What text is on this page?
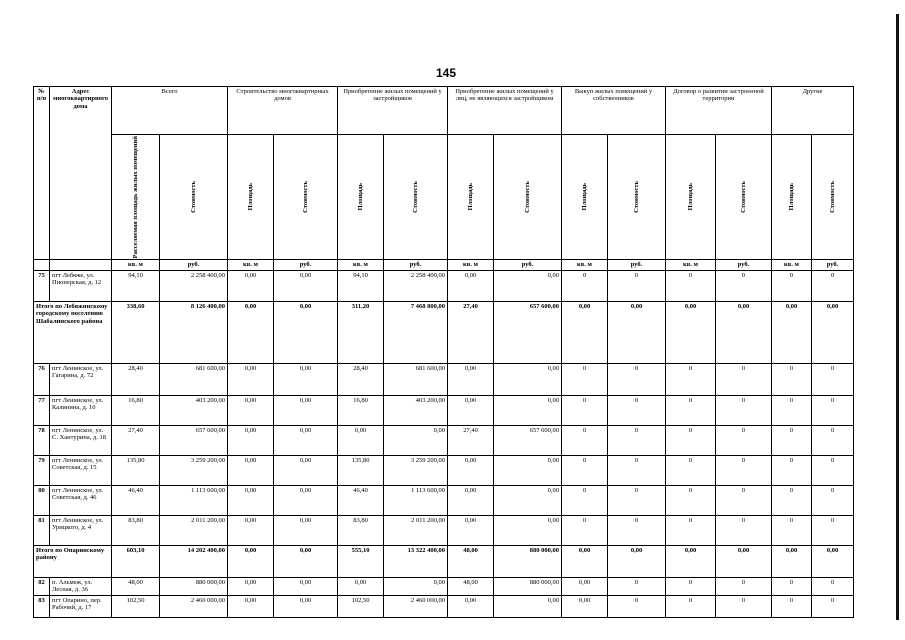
145
№ п/п	Адрес многоквартирного дома	Всего		Строительство многоквартирных домов		Приобретение жилых помещений у застройщиков		Приобретение жилых помещений у лиц, не являющихся застройщиком		Выкуп жилых помещений у собственников		Договор о развитии застроенной территории		Другие	

		Расселяемая площадь жилых помещений	Стоимость	Площадь	Стоимость	Площадь	Стоимость	Площадь	Стоимость	Площадь	Стоимость	Площадь	Стоимость	Площадь	Стоимость

		кв. м	руб.	кв. м	руб.	кв. м	руб.	кв. м	руб.	кв. м	руб.	кв. м	руб.	кв. м	руб.
75	пгт Лебяже, ул. Пионерская, д. 12	94,10	2 258 400,00	0,00	0,00	94,10	2 258 400,00	0,00	0,00	0	0	0	0	0	0
Итого по Лебяжинскому городскому поселению Шабалинского района		338,60	8 126 400,00	0,00	0,00	311,20	7 468 800,00	27,40	657 600,00	0,00	0,00	0,00	0,00	0,00	0,00
76	пгт Ленинское, ул. Гагарина, д. 72	28,40	681 600,00	0,00	0,00	28,40	681 600,00	0,00	0,00	0	0	0	0	0	0
77	пгт Ленинское, ул. Калинина, д. 10	16,80	403 200,00	0,00	0,00	16,80	403 200,00	0,00	0,00	0	0	0	0	0	0
78	пгт Ленинское, ул. С. Хантурина, д. 18	27,40	657 600,00	0,00	0,00	0,00	0,00	27,40	657 600,00	0	0	0	0	0	0
79	пгт Ленинское, ул. Советская, д. 15	135,80	3 259 200,00	0,00	0,00	135,80	3 259 200,00	0,00	0,00	0	0	0	0	0	0
80	пгт Ленинское, ул. Советская, д. 46	46,40	1 113 600,00	0,00	0,00	46,40	1 113 600,00	0,00	0,00	0	0	0	0	0	0
81	пгт Ленинское, ул. Урицкого, д. 4	83,80	2 011 200,00	0,00	0,00	83,80	2 011 200,00	0,00	0,00	0	0	0	0	0	0
Итого по Опаринскому району		603,10	14 202 400,00	0,00	0,00	555,10	13 322 400,00	48,00	880 000,00	0,00	0,00	0,00	0,00	0,00	0,00
82	п. Альмеж, ул. Лесная, д. 36	48,00	880 000,00	0,00	0,00	0,00	0,00	48,00	880 000,00	0,00	0	0	0	0	0
83	пгт Опарино, пер. Рабочий, д. 17	102,50	2 460 000,00	0,00	0,00	102,50	2 460 000,00	0,00	0,00	0,00	0	0	0	0	0
